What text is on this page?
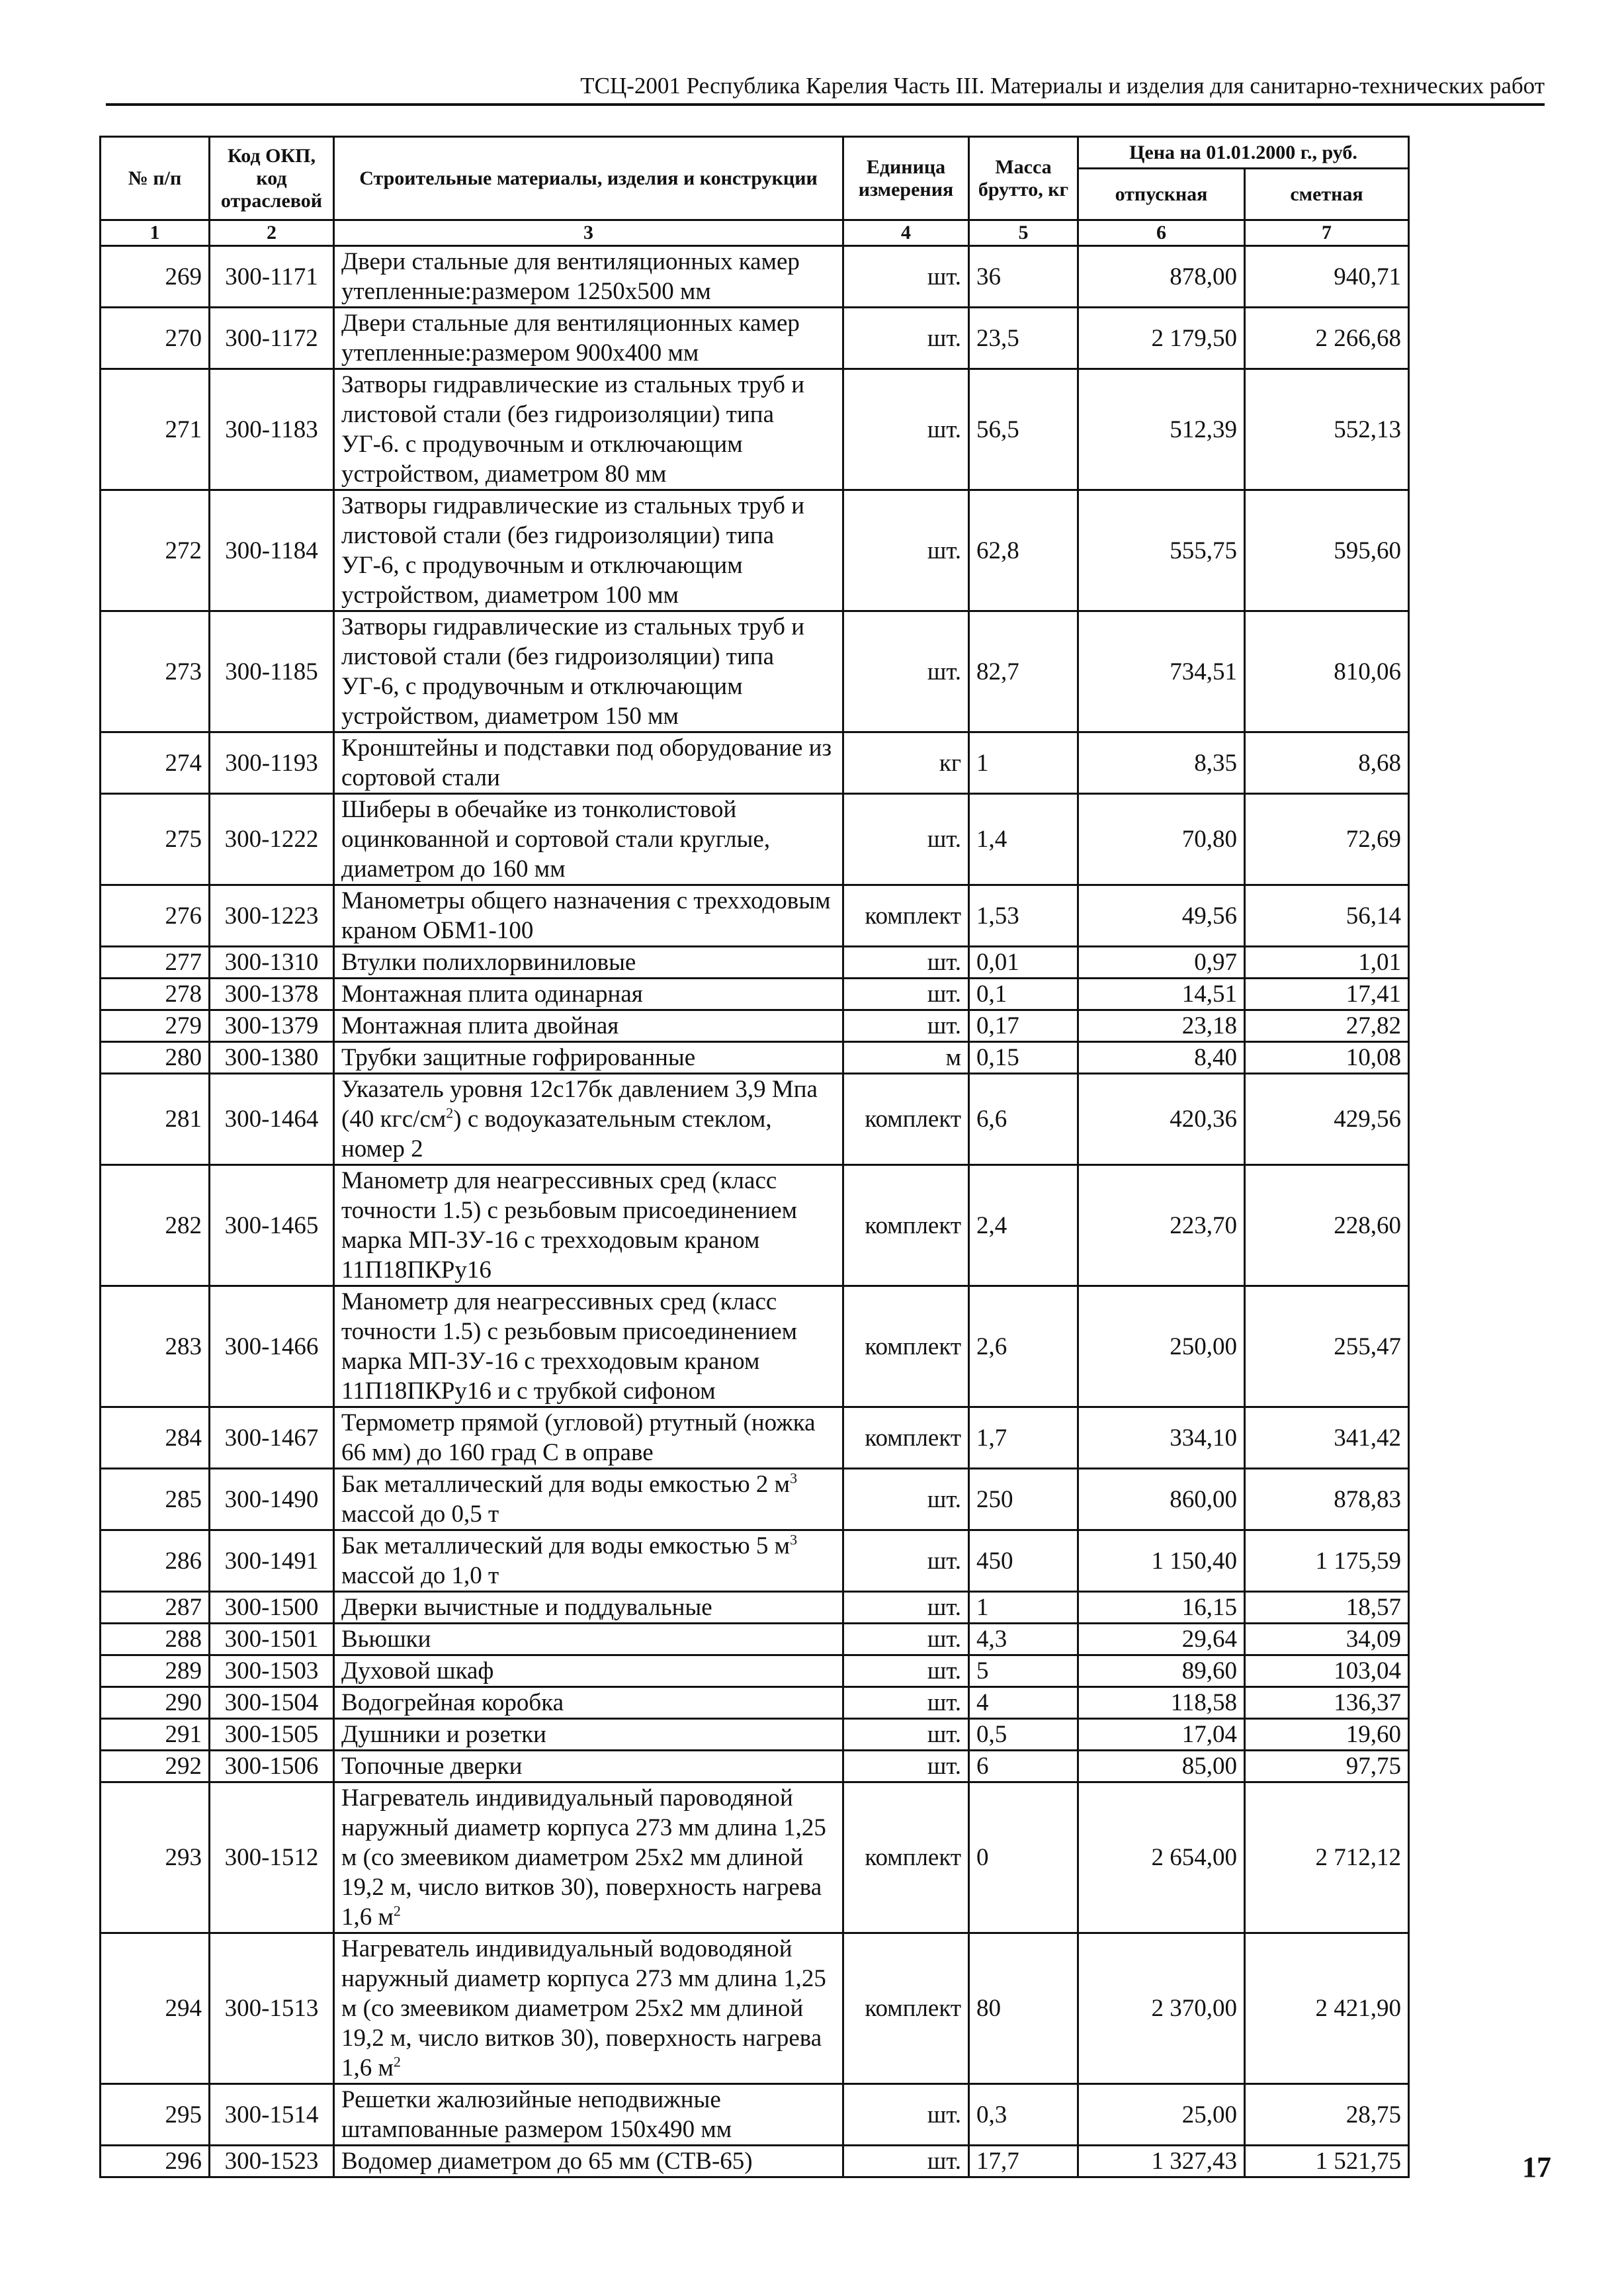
ТСЦ-2001 Республика Карелия Часть III. Материалы и изделия для санитарно-технических работ
№ п/п	Код ОКП, код отраслевой	Строительные материалы, изделия и конструкции	Единица измерения	Масса брутто, кг	Цена на 01.01.2000 г., руб.	
					отпускная	сметная
1	2	3	4	5	6	7
269	300-1171	Двери стальные для вентиляционных камер утепленные:размером 1250х500 мм	шт.	36	878,00	940,71
270	300-1172	Двери стальные для вентиляционных камер утепленные:размером 900х400 мм	шт.	23,5	2 179,50	2 266,68
271	300-1183	Затворы гидравлические из стальных труб и листовой стали (без гидроизоляции) типа УГ-6. с продувочным и отключающим устройством, диаметром 80 мм	шт.	56,5	512,39	552,13
272	300-1184	Затворы гидравлические из стальных труб и листовой стали (без гидроизоляции) типа УГ-6, с продувочным и отключающим устройством, диаметром 100 мм	шт.	62,8	555,75	595,60
273	300-1185	Затворы гидравлические из стальных труб и листовой стали (без гидроизоляции) типа УГ-6, с продувочным и отключающим устройством, диаметром 150 мм	шт.	82,7	734,51	810,06
274	300-1193	Кронштейны и подставки под оборудование из сортовой стали	кг	1	8,35	8,68
275	300-1222	Шиберы в обечайке из тонколистовой оцинкованной и сортовой стали круглые, диаметром до 160 мм	шт.	1,4	70,80	72,69
276	300-1223	Манометры общего назначения с трехходовым краном ОБМ1-100	комплект	1,53	49,56	56,14
277	300-1310	Втулки полихлорвиниловые	шт.	0,01	0,97	1,01
278	300-1378	Монтажная плита одинарная	шт.	0,1	14,51	17,41
279	300-1379	Монтажная плита двойная	шт.	0,17	23,18	27,82
280	300-1380	Трубки защитные гофрированные	м	0,15	8,40	10,08
281	300-1464	Указатель уровня 12с17бк давлением 3,9 Мпа (40 кгс/$см^2$) с водоуказательным стеклом, номер 2	комплект	6,6	420,36	429,56
282	300-1465	Манометр для неагрессивных сред (класс точности 1.5) с резьбовым присоединением марка МП-3У-16 с трехходовым краном 11П18ПКРу16	комплект	2,4	223,70	228,60
283	300-1466	Манометр для неагрессивных сред (класс точности 1.5) с резьбовым присоединением марка МП-3У-16 с трехходовым краном 11П18ПКРу16 и с трубкой сифоном	комплект	2,6	250,00	255,47
284	300-1467	Термометр прямой (угловой) ртутный (ножка 66 мм) до 160 град С в оправе	комплект	1,7	334,10	341,42
285	300-1490	Бак металлический для воды емкостью 2 $м^3$ массой до 0,5 т	шт.	250	860,00	878,83
286	300-1491	Бак металлический для воды емкостью 5 $м^3$ массой до 1,0 т	шт.	450	1 150,40	1 175,59
287	300-1500	Дверки вычистные и поддувальные	шт.	1	16,15	18,57
288	300-1501	Вьюшки	шт.	4,3	29,64	34,09
289	300-1503	Духовой шкаф	шт.	5	89,60	103,04
290	300-1504	Водогрейная коробка	шт.	4	118,58	136,37
291	300-1505	Душники и розетки	шт.	0,5	17,04	19,60
292	300-1506	Топочные дверки	шт.	6	85,00	97,75
293	300-1512	Нагреватель индивидуальный пароводяной наружный диаметр корпуса 273 мм длина 1,25 м (со змеевиком диаметром 25х2 мм длиной 19,2 м, число витков 30), поверхность нагрева 1,6 $м^2$	комплект	0	2 654,00	2 712,12
294	300-1513	Нагреватель индивидуальный водоводяной наружный диаметр корпуса 273 мм длина 1,25 м (со змеевиком диаметром 25х2 мм длиной 19,2 м, число витков 30), поверхность нагрева 1,6 $м^2$	комплект	80	2 370,00	2 421,90
295	300-1514	Решетки жалюзийные неподвижные штампованные размером 150х490 мм	шт.	0,3	25,00	28,75
296	300-1523	Водомер диаметром до 65 мм (СТВ-65)	шт.	17,7	1 327,43	1 521,75	17
